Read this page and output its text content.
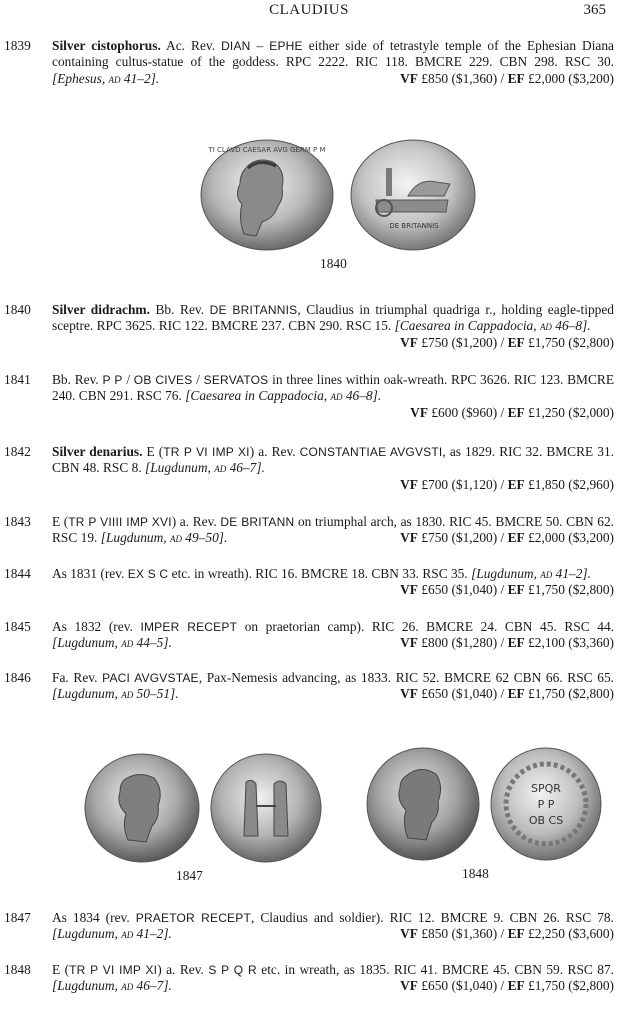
CLAUDIUS	365
1839	Silver cistophorus. Ac. Rev. DIAN – EPHE either side of tetrastyle temple of the Ephesian Diana containing cultus-statue of the goddess. RPC 2222. RIC 118. BMCRE 229. CBN 298. RSC 30. [Ephesus, ad 41–2].	VF £850 ($1,360) / EF £2,000 ($3,200)
TI CLAVD CAESAR AVG GERM P M
DE BRITANNIS
1840
1840	Silver didrachm. Bb. Rev. DE BRITANNIS, Claudius in triumphal quadriga r., holding eagle-tipped sceptre. RPC 3625. RIC 122. BMCRE 237. CBN 290. RSC 15. [Caesarea in Cappadocia, ad 46–8].
VF £750 ($1,200) / EF £1,750 ($2,800)
1841	Bb. Rev. P P / OB CIVES / SERVATOS in three lines within oak-wreath. RPC 3626. RIC 123. BMCRE 240. CBN 291. RSC 76. [Caesarea in Cappadocia, ad 46–8].
VF £600 ($960) / EF £1,250 ($2,000)
1842	Silver denarius. E (TR P VI IMP XI) a. Rev. CONSTANTIAE AVGVSTI, as 1829. RIC 32. BMCRE 31. CBN 48. RSC 8. [Lugdunum, ad 46–7].
VF £700 ($1,120) / EF £1,850 ($2,960)
1843	E (TR P VIIII IMP XVI) a. Rev. DE BRITANN on triumphal arch, as 1830. RIC 45. BMCRE 50. CBN 62. RSC 19. [Lugdunum, ad 49–50].	VF £750 ($1,200) / EF £2,000 ($3,200)
1844	As 1831 (rev. EX S C etc. in wreath). RIC 16. BMCRE 18. CBN 33. RSC 35. [Lugdunum, ad 41–2].
VF £650 ($1,040) / EF £1,750 ($2,800)
1845	As 1832 (rev. IMPER RECEPT on praetorian camp). RIC 26. BMCRE 24. CBN 45. RSC 44. [Lugdunum, ad 44–5].	VF £800 ($1,280) / EF £2,100 ($3,360)
1846	Fa. Rev. PACI AVGVSTAE, Pax-Nemesis advancing, as 1833. RIC 52. BMCRE 62 CBN 66. RSC 65. [Lugdunum, ad 50–51].	VF £650 ($1,040) / EF £1,750 ($2,800)
1847
SPQR
P P
OB CS
1848
1847	As 1834 (rev. PRAETOR RECEPT, Claudius and soldier). RIC 12. BMCRE 9. CBN 26. RSC 78. [Lugdunum, ad 41–2].	VF £850 ($1,360) / EF £2,250 ($3,600)
1848	E (TR P VI IMP XI) a. Rev. S P Q R etc. in wreath, as 1835. RIC 41. BMCRE 45. CBN 59. RSC 87. [Lugdunum, ad 46–7].	VF £650 ($1,040) / EF £1,750 ($2,800)
